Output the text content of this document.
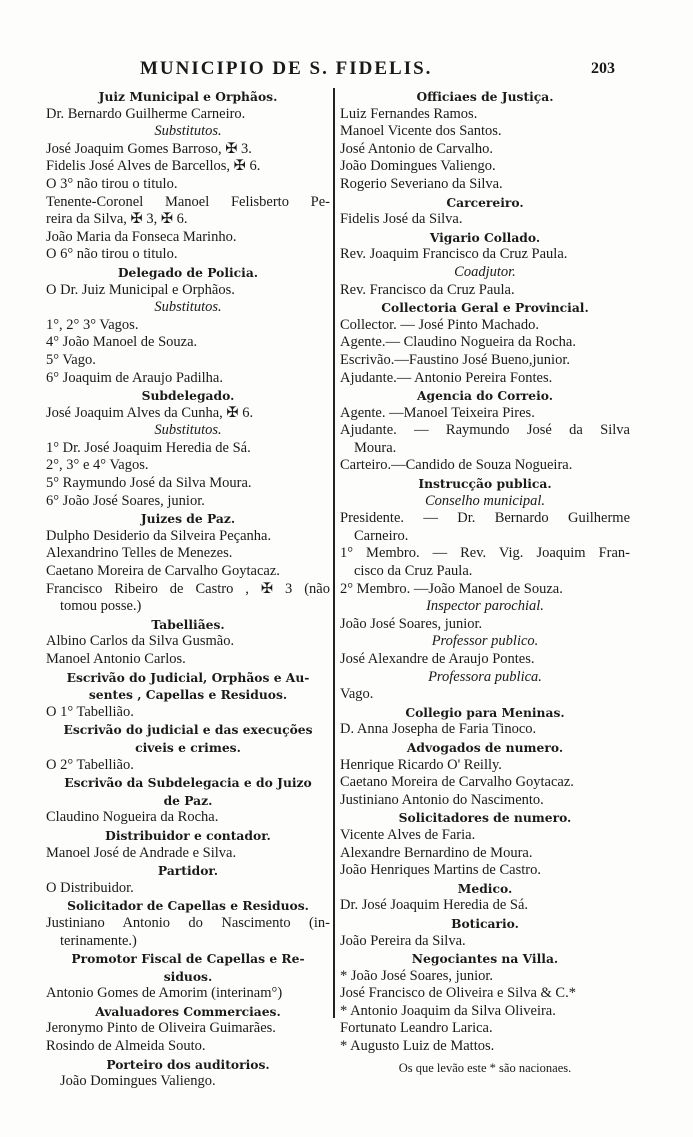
MUNICIPIO DE S. FIDELIS.	203
Juiz Municipal e Orphãos.
Dr. Bernardo Guilherme Carneiro.
Substitutos.
José Joaquim Gomes Barroso, ✠ 3.
Fidelis José Alves de Barcellos, ✠ 6.
O 3° não tirou o titulo.
Tenente-Coronel Manoel Felisberto Pe-
reira da Silva, ✠ 3, ✠ 6.
João Maria da Fonseca Marinho.
O 6° não tirou o titulo.
Delegado de Policia.
O Dr. Juiz Municipal e Orphãos.
Substitutos.
1°, 2° 3° Vagos.
4° João Manoel de Souza.
5° Vago.
6° Joaquim de Araujo Padilha.
Subdelegado.
José Joaquim Alves da Cunha, ✠ 6.
Substitutos.
1° Dr. José Joaquim Heredia de Sá.
2°, 3° e 4° Vagos.
5° Raymundo José da Silva Moura.
6° João José Soares, junior.
Juizes de Paz.
Dulpho Desiderio da Silveira Peçanha.
Alexandrino Telles de Menezes.
Caetano Moreira de Carvalho Goytacaz.
Francisco Ribeiro de Castro , ✠ 3 (não
tomou posse.)
Tabelliães.
Albino Carlos da Silva Gusmão.
Manoel Antonio Carlos.
Escrivão do Judicial, Orphãos e Au-
sentes , Capellas e Residuos.
O 1° Tabellião.
Escrivão do judicial e das execuções
civeis e crimes.
O 2° Tabellião.
Escrivão da Subdelegacia e do Juizo
de Paz.
Claudino Nogueira da Rocha.
Distribuidor e contador.
Manoel José de Andrade e Silva.
Partidor.
O Distribuidor.
Solicitador de Capellas e Residuos.
Justiniano Antonio do Nascimento (in-
terinamente.)
Promotor Fiscal de Capellas e Re-
siduos.
Antonio Gomes de Amorim (interinam°)
Avaluadores Commerciaes.
Jeronymo Pinto de Oliveira Guimarães.
Rosindo de Almeida Souto.
Porteiro dos auditorios.
João Domingues Valiengo.
Officiaes de Justiça.
Luiz Fernandes Ramos.
Manoel Vicente dos Santos.
José Antonio de Carvalho.
João Domingues Valiengo.
Rogerio Severiano da Silva.
Carcereiro.
Fidelis José da Silva.
Vigario Collado.
Rev. Joaquim Francisco da Cruz Paula.
Coadjutor.
Rev. Francisco da Cruz Paula.
Collectoria Geral e Provincial.
Collector. — José Pinto Machado.
Agente.— Claudino Nogueira da Rocha.
Escrivão.—Faustino José Bueno,junior.
Ajudante.— Antonio Pereira Fontes.
Agencia do Correio.
Agente. —Manoel Teixeira Pires.
Ajudante. — Raymundo José da Silva
Moura.
Carteiro.—Candido de Souza Nogueira.
Instrucção publica.
Conselho municipal.
Presidente. — Dr. Bernardo Guilherme
Carneiro.
1° Membro. — Rev. Vig. Joaquim Fran-
cisco da Cruz Paula.
2° Membro. —João Manoel de Souza.
Inspector parochial.
João José Soares, junior.
Professor publico.
José Alexandre de Araujo Pontes.
Professora publica.
Vago.
Collegio para Meninas.
D. Anna Josepha de Faria Tinoco.
Advogados de numero.
Henrique Ricardo O' Reilly.
Caetano Moreira de Carvalho Goytacaz.
Justiniano Antonio do Nascimento.
Solicitadores de numero.
Vicente Alves de Faria.
Alexandre Bernardino de Moura.
João Henriques Martins de Castro.
Medico.
Dr. José Joaquim Heredia de Sá.
Boticario.
João Pereira da Silva.
Negociantes na Villa.
* João José Soares, junior.
José Francisco de Oliveira e Silva & C.*
* Antonio Joaquim da Silva Oliveira.
Fortunato Leandro Larica.
* Augusto Luiz de Mattos.
Os que levão este * são nacionaes.
